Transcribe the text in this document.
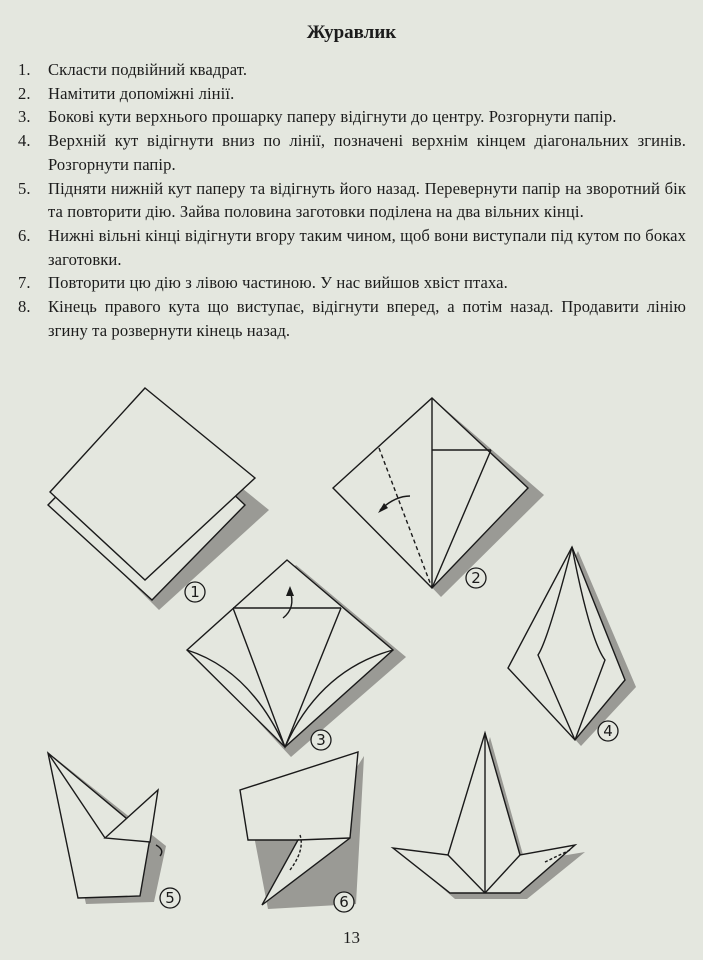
Журавлик
1.	Скласти подвійний квадрат.
2.	Намітити допоміжні лінії.
3.	Бокові кути верхнього прошарку паперу відігнути до центру. Розгорнути папір.
4.	Верхній кут відігнути вниз по лінії, позначені верхнім кінцем діагональних згинів. Розгорнути папір.
5.	Підняти нижній кут паперу та відігнуть його назад. Перевернути папір на зворотний бік та повторити дію. Зайва половина заготовки поділена на два вільних кінці.
6.	Нижні вільні кінці відігнути вгору таким чином, щоб вони виступали під кутом по боках заготовки.
7.	Повторити цю дію з лівою частиною. У нас вийшов хвіст птаха.
8.	Кінець правого кута що виступає, відігнути вперед, а потім назад. Продавити лінію згину та розвернути кінець назад.
1
2
3	4
5	6
13
